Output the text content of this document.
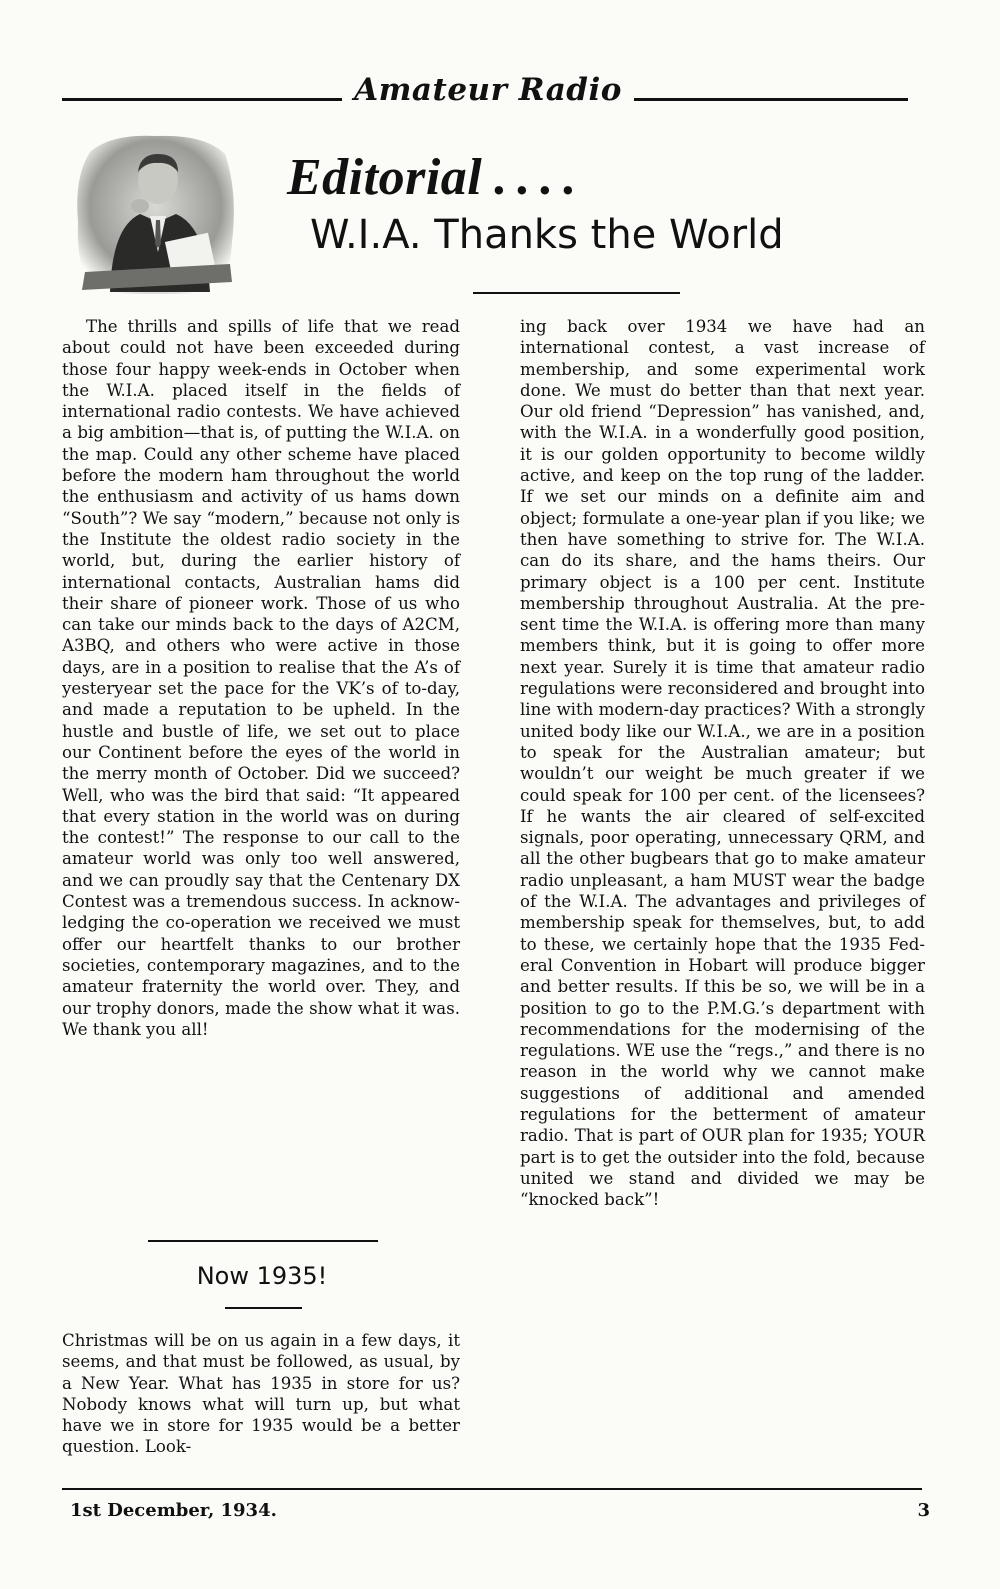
Amateur Radio
Editorial ....
W.I.A. Thanks the World

The thrills and spills of life that we read about could not have been exceeded during those four happy week-ends in October when the W.I.A. placed itself in the fields of international radio contests. We have achieved a big ambition—that is, of putting the W.I.A. on the map. Could any other scheme have placed before the modern ham throughout the world the enthusiasm and activity of us hams down “South”? We say “modern,” because not only is the Institute the oldest radio society in the world, but, during the earlier history of international contacts, Australian hams did their share of pioneer work. Those of us who can take our minds back to the days of A2CM, A3BQ, and others who were active in those days, are in a position to realise that the A’s of yesteryear set the pace for the VK’s of to-day, and made a reputation to be upheld. In the hustle and bustle of life, we set out to place our Continent before the eyes of the world in the merry month of October. Did we succeed? Well, who was the bird that said: “It appeared that every station in the world was on during the contest!” The response to our call to the amateur world was only too well answered, and we can proudly say that the Centenary DX Contest was a tremendous success. In acknowledging the co-operation we received we must offer our heartfelt thanks to our brother societies, contemporary magazines, and to the amateur fraternity the world over. They, and our trophy donors, made the show what it was. We thank you all!

Now 1935!

Christmas will be on us again in a few days, it seems, and that must be followed, as usual, by a New Year. What has 1935 in store for us? Nobody knows what will turn up, but what have we in store for 1935 would be a better question. Look-

ing back over 1934 we have had an international contest, a vast increase of membership, and some experimental work done. We must do better than that next year. Our old friend “Depression” has vanished, and, with the W.I.A. in a wonderfully good position, it is our golden opportunity to become wildly active, and keep on the top rung of the ladder. If we set our minds on a definite aim and object; formulate a one-year plan if you like; we then have something to strive for. The W.I.A. can do its share, and the hams theirs. Our primary object is a 100 per cent. Institute membership throughout Australia. At the present time the W.I.A. is offering more than many members think, but it is going to offer more next year. Surely it is time that amateur radio regulations were reconsidered and brought into line with modern-day practices? With a strongly united body like our W.I.A., we are in a position to speak for the Australian amateur; but wouldn’t our weight be much greater if we could speak for 100 per cent. of the licensees? If he wants the air cleared of self-excited signals, poor operating, unnecessary QRM, and all the other bugbears that go to make amateur radio unpleasant, a ham MUST wear the badge of the W.I.A. The advantages and privileges of membership speak for themselves, but, to add to these, we certainly hope that the 1935 Federal Convention in Hobart will produce bigger and better results. If this be so, we will be in a position to go to the P.M.G.’s department with recommendations for the modernising of the regulations. WE use the “regs.,” and there is no reason in the world why we cannot make suggestions of additional and amended regulations for the betterment of amateur radio. That is part of OUR plan for 1935; YOUR part is to get the outsider into the fold, because united we stand and divided we may be “knocked back”!

1st December, 1934.	3
